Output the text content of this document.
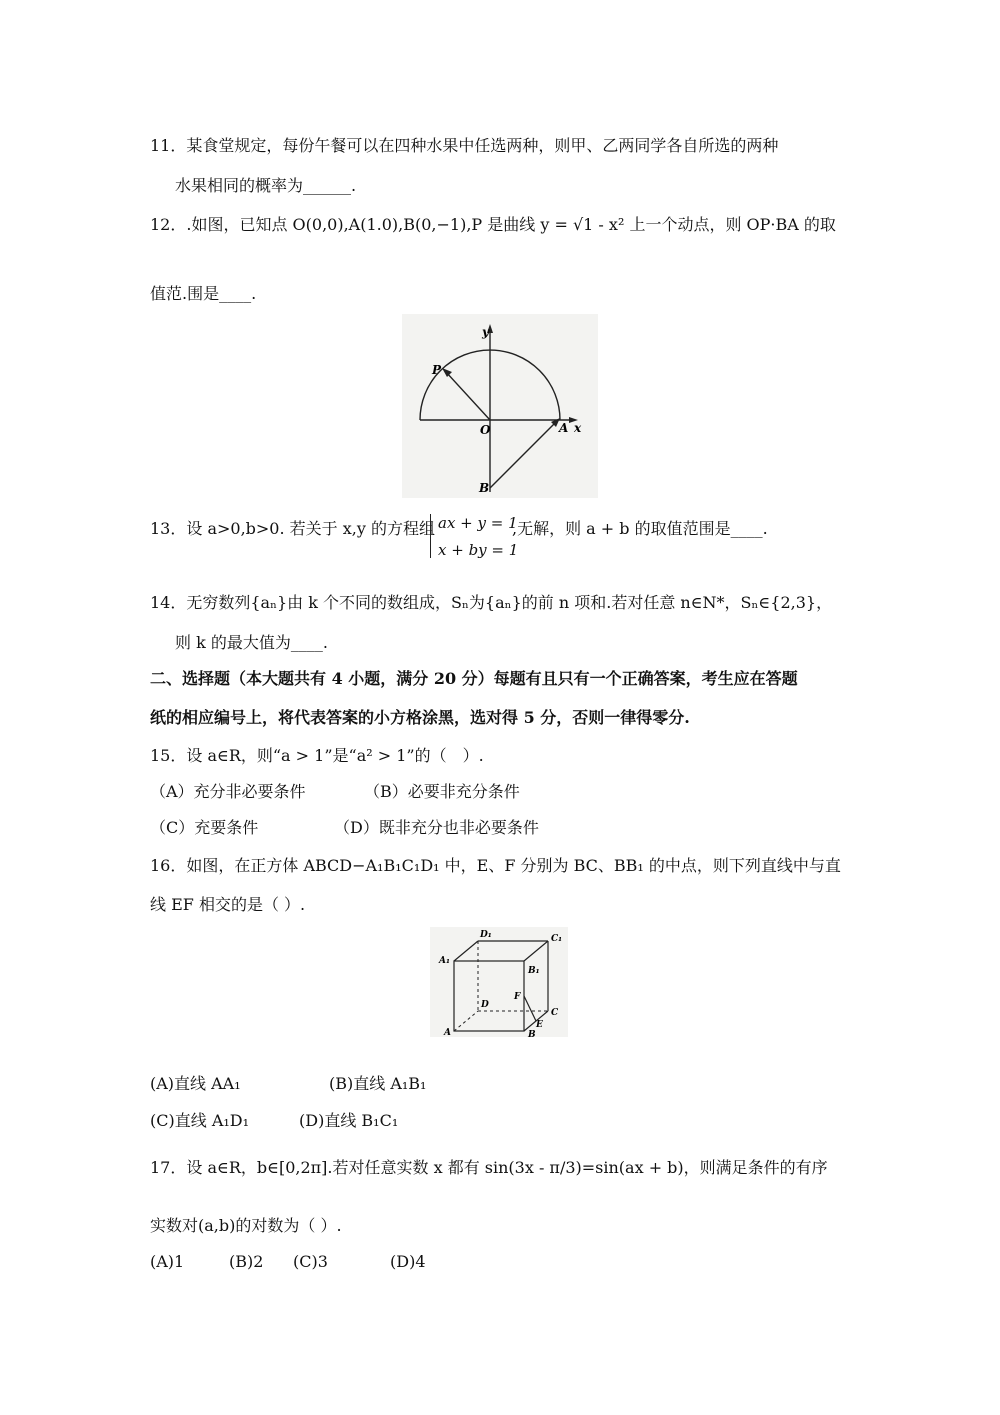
11．某食堂规定，每份午餐可以在四种水果中任选两种，则甲、乙两同学各自所选的两种
水果相同的概率为______.
12．.如图，已知点 O(0,0),A(1.0),B(0,−1),P 是曲线 y = √1 - x² 上一个动点，则 OP·BA 的取
值范.围是____.
y
x
O	A
B
P
13．设 a>0,b>0. 若关于 x,y 的方程组 ax + y = 1
x + by = 1
,无解，则 a + b 的取值范围是____.
14．无穷数列{aₙ}由 k 个不同的数组成，Sₙ为{aₙ}的前 n 项和.若对任意 n∈N*，Sₙ∈{2,3}，
则 k 的最大值为____.
二、选择题（本大题共有 4 小题，满分 20 分）每题有且只有一个正确答案，考生应在答题
纸的相应编号上，将代表答案的小方格涂黑，选对得 5 分，否则一律得零分.
15．设 a∈R，则“a > 1”是“a² > 1”的（　）.
（A）充分非必要条件	（B）必要非充分条件
（C）充要条件	（D）既非充分也非必要条件
16．如图，在正方体 ABCD−A₁B₁C₁D₁ 中，E、F 分别为 BC、BB₁ 的中点，则下列直线中与直
线 EF 相交的是（ ）.
D₁	C₁
A₁
B₁
D
C
F
E
A	B
(A)直线 AA₁	(B)直线 A₁B₁
(C)直线 A₁D₁	(D)直线 B₁C₁
17．设 a∈R，b∈[0,2π].若对任意实数 x 都有 sin(3x - π/3)=sin(ax + b)，则满足条件的有序
实数对(a,b)的对数为（ ）.
(A)1	(B)2 (C)3	(D)4
